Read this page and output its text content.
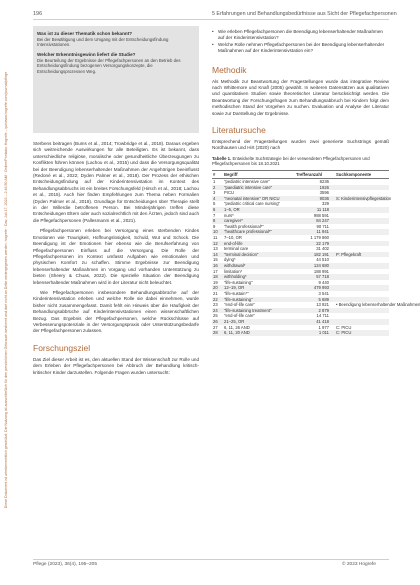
Diese Dokument ist urheberrechtlich geschützt. Die Nutzung ist ausschließlich für den persönlichen Gebrauch bestimmt und darf nicht an Dritte weitergegeben werden. hogrefe · Dav, Juli 17, 2023 – 2:46:50 AM · Online/Printabo: Hogrefe – ipz/www.hogrefe.com/journal/pflege
196	5 Erfahrungen und Behandlungsbedürfnisse aus Sicht der Pflegefachpersonen
Was ist zu dieser Thematik schon bekannt?
Bei der Bewältigung und dem Umgang mit der Entscheidungsfindung Intensivstationen.
Welcher Erkenntnisgewinn liefert die Studie?
Die Beurteilung der Ergebnisse der Pflegefachpersonen an den Betrieb des Entscheidungsfindung bezogenen Versorgungskonzepte, die Entscheidungsprozessen Weg.

Sterbens beitragen (Bums et al., 2014; Trowbridge et al., 2018). Daraus ergeben sich weitreichende Auswirkungen für alle Beteiligten. Es ist bekannt, dass unterschiedliche religiöse, moralische oder gesundheitliche Überzeugungen zu Konflikten führen können (Lachou et al., 2015) und dass die Versorgungsqualität bei der Beendigung lebenserhaltender Maßnahmen der Angehörigen beeinflusst (Redoné et al., 2022; Dyden Palmer et al., 2018). Der Prozess der ethischen Entscheidungsfindung auf der Kinderintensivstation im Kontext des Behandlungsabbruchs ist ein breites Forschungsfeld (Hirsch et al., 2018; Lachou et al., 2015). Auch hier finden Empfehlungen zum Thema neben Formalien (Dyden Palmer et al., 2018). Grundlage für Entscheidungen über Therapie stellt in der Willerdie betroffenen Person. Bei Minderjährigen treffen diese Entscheidungen Eltern oder auch sozialrechtlich mit den Ärzten, jedoch sind auch die Pflegefachpersonen (Pallesmanm et al., 2021).

Pflegefachpersonen erleben bei Versorgung eines sterbenden Kindes Emotionen wie Traurigkeit, Hoffnungslosigkeit, Schuld, Wut und Schock. Die Beendigung ist der Emotionen hier ebenso wie die Berufserfahrung von Pflegefachpersonen Einfluss auf die Versorgung. Die Rolle der Pflegefachpersonen im Kontext umfasst Aufgaben wie emotionalen und physischen Komfort zu schaffen. Stimme Ergebnisse zur Beendigung lebenserhaltender Maßnahmen im Vorgang und vorhanden Unterstützung zu bieten (Sheery & Chuas, 2022). Die spezielle Situation der Beendigung lebenserhaltender Maßnahmen wird in der Literatur nicht beleuchtet.

Wie Pflegefachpersonen insbesondere Behandlungsabbrüche auf der Kinderintensivstation erleben und welche Rolle sie dabei einnehmen, wurde bisher nicht zusammengefasst. Damit fehlt ein Hinweis über die Häufigkeit der Behandlungsabbrüche auf Kinderintensivstationen einen wissenschaftlichen Bezug. Das Ergebnis der Pflegefachpersonen, welche Rückschlüsse auf Verbesserungspotenziale in der Versorgungspraxis oder Unterstützungsbedarfe der Pflegefachpersonen zulassen.

Forschungsziel

Das Ziel dieser Arbeit ist es, den aktuellen Stand der Wissenschaft zur Rolle und dem Erleben der Pflegefachpersonen bei Abbruch der Behandlung kritisch-kritischer Kinder darzustellen. Folgende Fragen wurden untersucht:

• Wie erleben Pflegefachpersonen die Beendigung lebenserhaltender Maßnahmen auf der Kinderintensivstation?
• Welche Rolle nehmen Pflegefachpersonen bei der Beendigung lebenserhaltender Maßnahmen auf der Kinderintensivstation ein?
Methodik

Als Methodik zur Beantwortung der Fragestellungen wurde das integrative Review nach Whittemore und Knafl (2005) gewählt. In weiteren Datensätzen aus qualitativen und quantitativen Studien sowie theoretischer Literatur berücksichtigt werden. Die Beantwortung der Forschungsfragen zum Behandlungsabbruch bei Kindern folgt dem methodischen Stand der Vorgehen zu suchen. Evaluation und Analyse der Literatur sowie zur Darstellung der Ergebnisse.

Literatursuche

Entsprechend der Fragestellungen wurden zwei generierte Suchstrings gemäß Nordhausen und Hirt (2020) nach

Tabelle 1. Entwickelte Suchstrategie bei der verwendeten Pflegefachpersonen und Pflegefachpersonen bis 18.10.2021
#	Begriff	Trefferanzahl	Suchkomponente
1	"pediatric intensive care"	8236	
2	"paediatric intensive care"	1926	
3	PICU	3596	
4	"neonatal intensive" OR NICU	9036	S: Kinderintensivpflegestation
5	"pediatric critical care nursing"	329	
6	1–5, OR	11 118	
7	nurs*	988 591	
8	caregiver*	84 247	
9	"health professional*"	90 711	
10	"healthcare professional*"	11 941	
11	7–10, OR	1 179 860	
12	end-of-life	22 179	
13	terminal care	31 402	
14	"terminal decision"	182 191	P: Pflegekraft
15	dying*	44 510	
16	withdrawal*	124 680	
17	limitation*	188 991	
18	withholding*	57 718	
19	"life-sustaining"	9 440	
20	12–19, OR	479 993	
21	"life-sustain*"	3 541	
22	"life-sustaining"	5 689	
23	"end-of-life care"	13 921	• Beendigung lebenserhaltender Maßnahmen
24	"life-sustaining treatment"	2 879	
25	"end-of-life care"	14 711	
26	21–25, OR	41 418	
27	6, 11, 26 AND	1 977	C: PICU
28	6, 11, 20 AND	1 011	C: PICU
Pflege (2023), 36(4), 195–205	© 2023 Hogrefe
